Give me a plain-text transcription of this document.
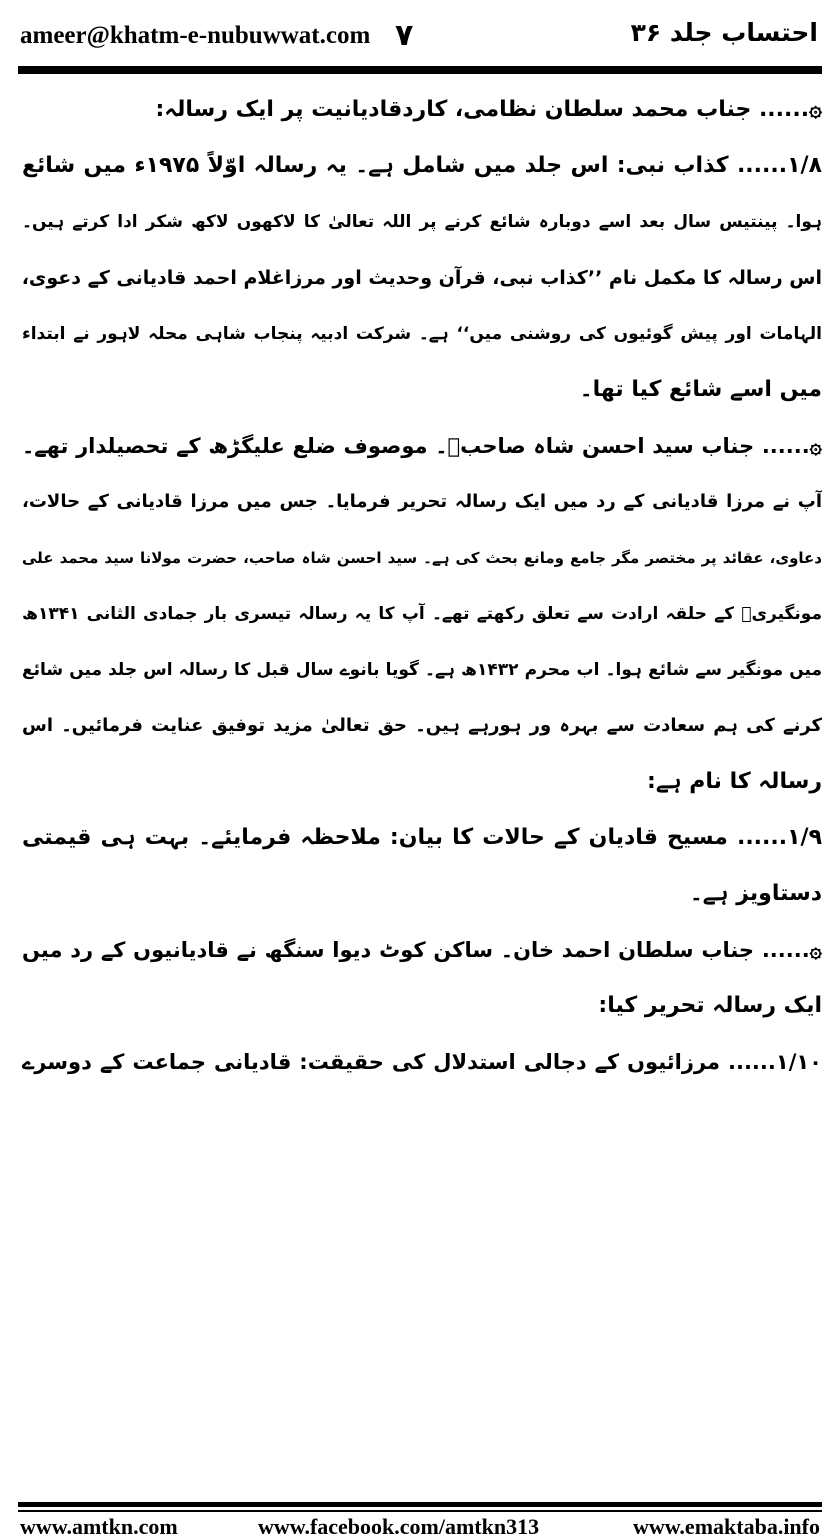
ameer@khatm-e-nubuwwat.com ۷	احتساب جلد ۳۶
۞...... جناب محمد سلطان نظامی، کاردقادیانیت پر ایک رسالہ:
۱/۸...... کذاب نبی: اس جلد میں شامل ہے۔ یہ رسالہ اوّلاً ۱۹۷۵ء میں شائع
ہوا۔ پینتیس سال بعد اسے دوبارہ شائع کرنے پر اللہ تعالیٰ کا لاکھوں لاکھ شکر ادا کرتے ہیں۔
اس رسالہ کا مکمل نام ’’کذاب نبی، قرآن وحدیث اور مرزاغلام احمد قادیانی کے دعوی،
الہامات اور پیش گوئیوں کی روشنی میں‘‘ ہے۔ شرکت ادبیہ پنجاب شاہی محلہ لاہور نے ابتداء
میں اسے شائع کیا تھا۔
۞...... جناب سید احسن شاہ صاحبؒ۔ موصوف ضلع علیگڑھ کے تحصیلدار تھے۔
آپ نے مرزا قادیانی کے رد میں ایک رسالہ تحریر فرمایا۔ جس میں مرزا قادیانی کے حالات،
دعاوی، عقائد پر مختصر مگر جامع ومانع بحث کی ہے۔ سید احسن شاہ صاحب، حضرت مولانا سید محمد علی
مونگیریؒ کے حلقہ ارادت سے تعلق رکھتے تھے۔ آپ کا یہ رسالہ تیسری بار جمادی الثانی ۱۳۴۱ھ
میں مونگیر سے شائع ہوا۔ اب محرم ۱۴۳۲ھ ہے۔ گویا بانوے سال قبل کا رسالہ اس جلد میں شائع
کرنے کی ہم سعادت سے بہرہ ور ہورہے ہیں۔ حق تعالیٰ مزید توفیق عنایت فرمائیں۔ اس
رسالہ کا نام ہے:
۱/۹...... مسیح قادیان کے حالات کا بیان: ملاحظہ فرمایئے۔ بہت ہی قیمتی
دستاویز ہے۔
۞...... جناب سلطان احمد خان۔ ساکن کوٹ دیوا سنگھ نے قادیانیوں کے رد میں
ایک رسالہ تحریر کیا:
۱/۱۰...... مرزائیوں کے دجالی استدلال کی حقیقت: قادیانی جماعت کے دوسرے
www.amtkn.com	www.facebook.com/amtkn313	www.emaktaba.info
